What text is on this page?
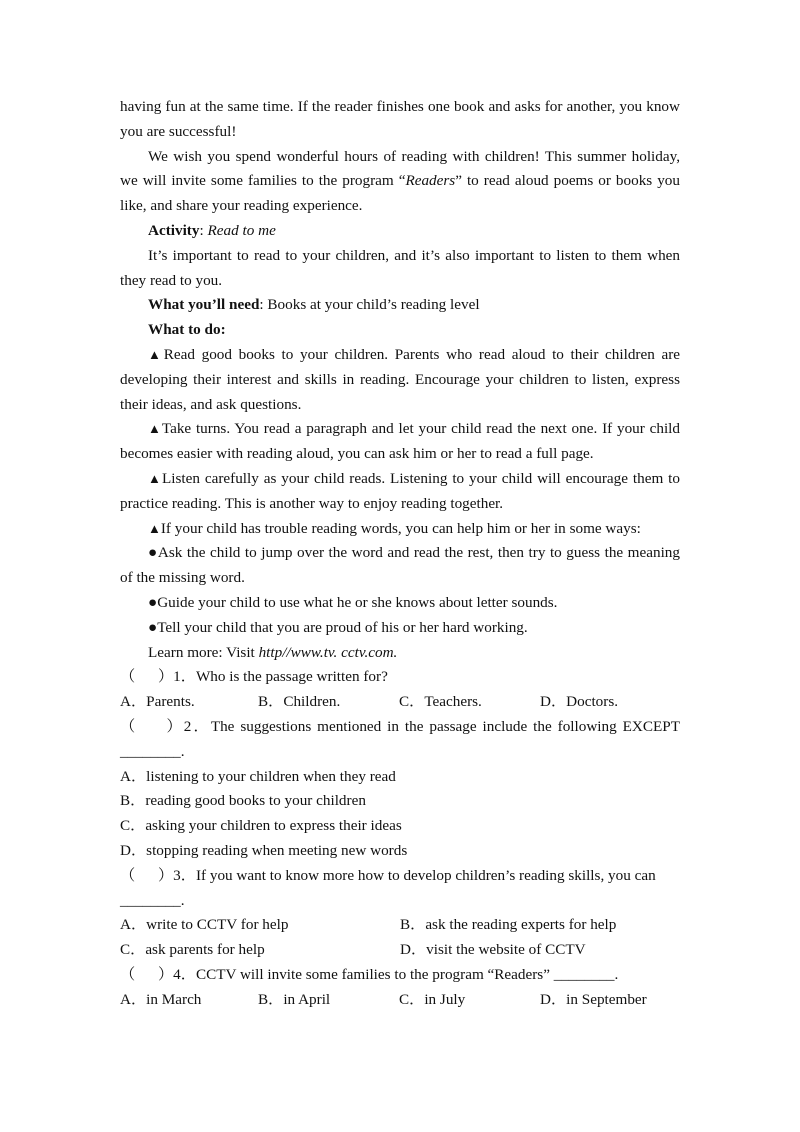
having fun at the same time. If the reader finishes one book and asks for another, you know you are successful!

We wish you spend wonderful hours of reading with children! This summer holiday, we will invite some families to the program “Readers” to read aloud poems or books you like, and share your reading experience.

Activity: Read to me

It’s important to read to your children, and it’s also important to listen to them when they read to you.

What you’ll need: Books at your child’s reading level

What to do:

▲Read good books to your children. Parents who read aloud to their children are developing their interest and skills in reading. Encourage your children to listen, express their ideas, and ask questions.

▲Take turns. You read a paragraph and let your child read the next one. If your child becomes easier with reading aloud, you can ask him or her to read a full page.

▲Listen carefully as your child reads. Listening to your child will encourage them to practice reading. This is another way to enjoy reading together.

▲If your child has trouble reading words, you can help him or her in some ways:

●Ask the child to jump over the word and read the rest, then try to guess the meaning of the missing word.

●Guide your child to use what he or she knows about letter sounds.

●Tell your child that you are proud of his or her hard working.

Learn more: Visit http//www.tv. cctv.com.

（　  ）1．Who is the passage written for?

A．Parents.	B．Children.	C．Teachers.	D．Doctors.

（　  ）2．The suggestions mentioned in the passage include the following EXCEPT ________.

A．listening to your children when they read

B．reading good books to your children

C．asking your children to express their ideas

D．stopping reading when meeting new words

（　  ）3．If you want to know more how to develop children’s reading skills, you can ________.

A．write to CCTV for help	B．ask the reading experts for help
C．ask parents for help	D．visit the website of CCTV

（　  ）4．CCTV will invite some families to the program “Readers” ________.

A．in March	B．in April	C．in July	D．in September
